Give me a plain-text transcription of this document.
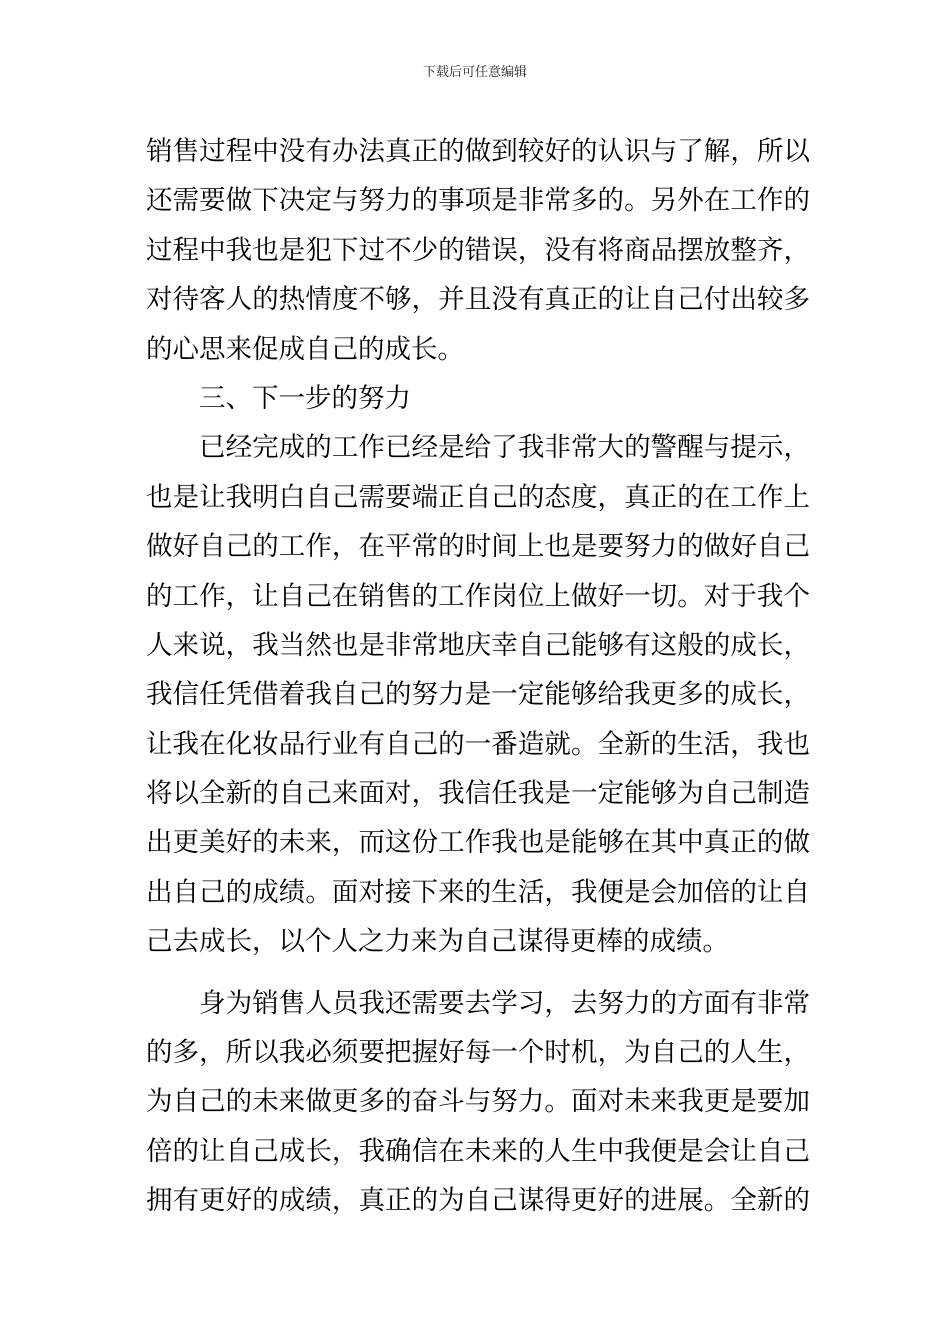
下载后可任意编辑
销售过程中没有办法真正的做到较好的认识与了解，所以
还需要做下决定与努力的事项是非常多的。另外在工作的
过程中我也是犯下过不少的错误，没有将商品摆放整齐，
对待客人的热情度不够，并且没有真正的让自己付出较多
的心思来促成自己的成长。
三、下一步的努力
已经完成的工作已经是给了我非常大的警醒与提示，
也是让我明白自己需要端正自己的态度，真正的在工作上
做好自己的工作，在平常的时间上也是要努力的做好自己
的工作，让自己在销售的工作岗位上做好一切。对于我个
人来说，我当然也是非常地庆幸自己能够有这般的成长，
我信任凭借着我自己的努力是一定能够给我更多的成长，
让我在化妆品行业有自己的一番造就。全新的生活，我也
将以全新的自己来面对，我信任我是一定能够为自己制造
出更美好的未来，而这份工作我也是能够在其中真正的做
出自己的成绩。面对接下来的生活，我便是会加倍的让自
己去成长，以个人之力来为自己谋得更棒的成绩。
身为销售人员我还需要去学习，去努力的方面有非常
的多，所以我必须要把握好每一个时机，为自己的人生，
为自己的未来做更多的奋斗与努力。面对未来我更是要加
倍的让自己成长，我确信在未来的人生中我便是会让自己
拥有更好的成绩，真正的为自己谋得更好的进展。全新的
